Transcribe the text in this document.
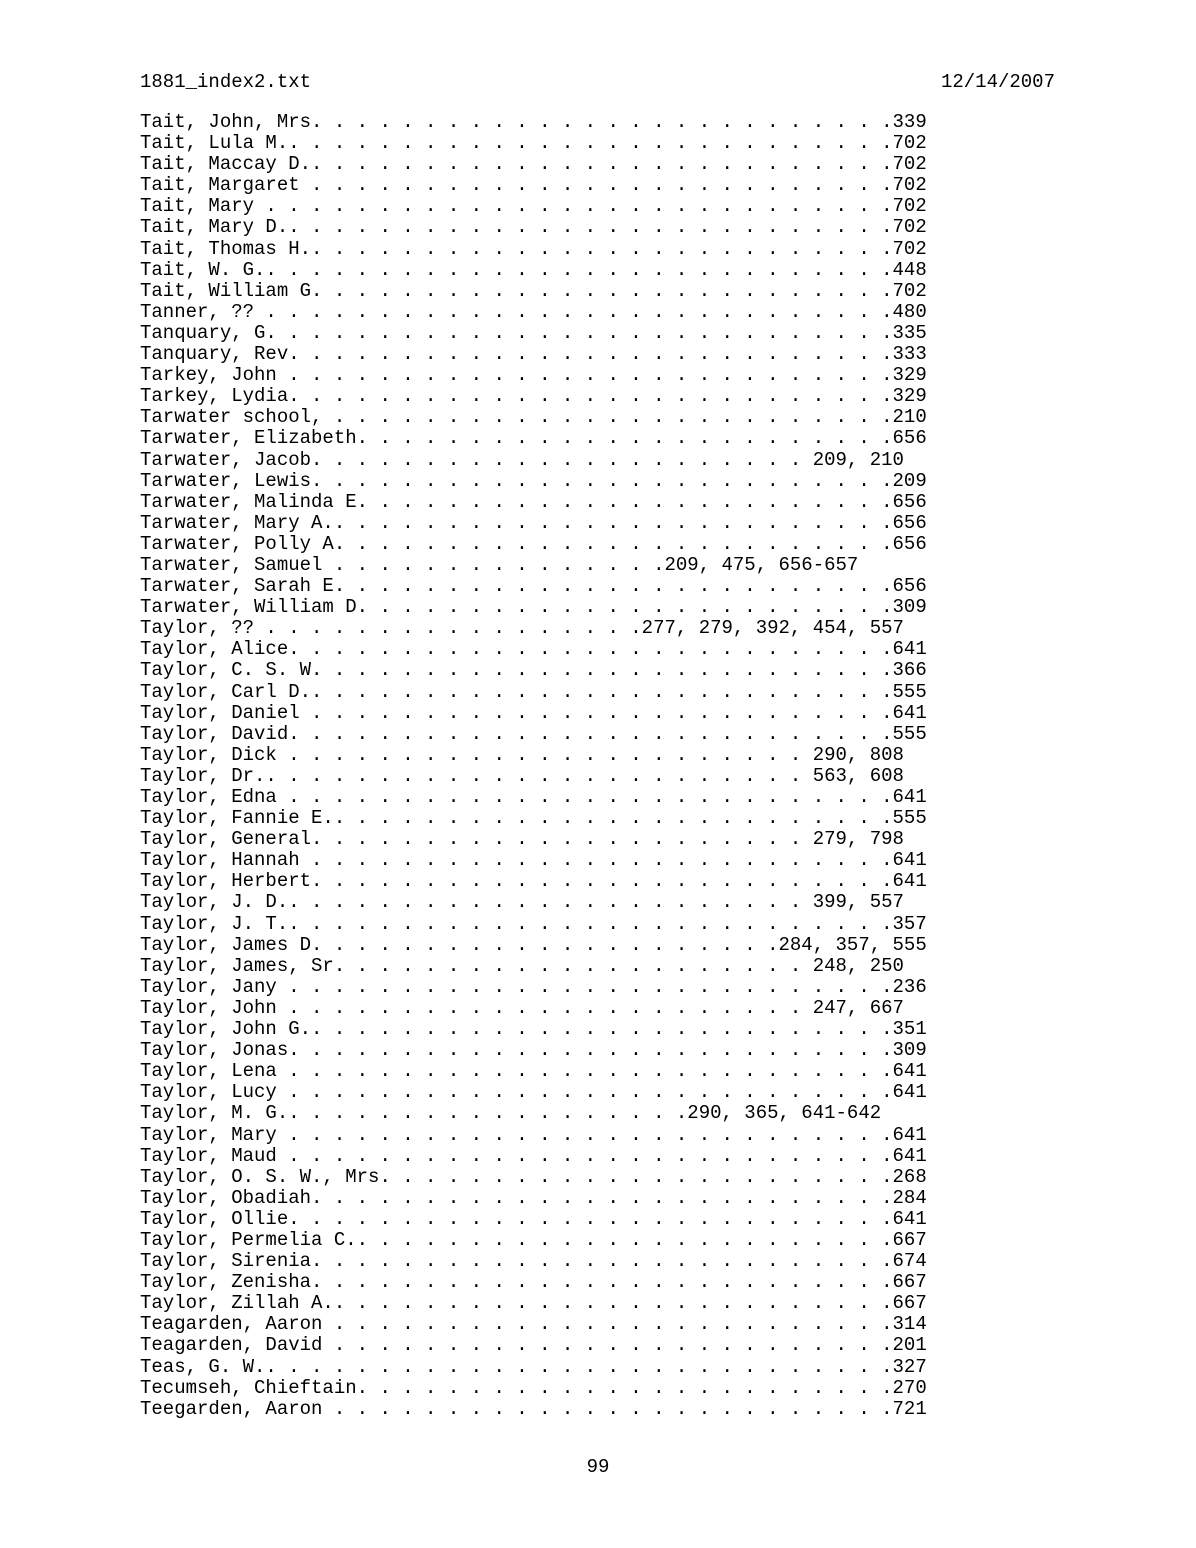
1881_index2.txt	12/14/2007
Tait, John, Mrs. . . . . . . . . . . . . . . . . . . . . . . . . .339
Tait, Lula M.. . . . . . . . . . . . . . . . . . . . . . . . . . .702
Tait, Maccay D.. . . . . . . . . . . . . . . . . . . . . . . . . .702
Tait, Margaret . . . . . . . . . . . . . . . . . . . . . . . . . .702
Tait, Mary . . . . . . . . . . . . . . . . . . . . . . . . . . . .702
Tait, Mary D.. . . . . . . . . . . . . . . . . . . . . . . . . . .702
Tait, Thomas H.. . . . . . . . . . . . . . . . . . . . . . . . . .702
Tait, W. G.. . . . . . . . . . . . . . . . . . . . . . . . . . . .448
Tait, William G. . . . . . . . . . . . . . . . . . . . . . . . . .702
Tanner, ?? . . . . . . . . . . . . . . . . . . . . . . . . . . . .480
Tanquary, G. . . . . . . . . . . . . . . . . . . . . . . . . . . .335
Tanquary, Rev. . . . . . . . . . . . . . . . . . . . . . . . . . .333
Tarkey, John . . . . . . . . . . . . . . . . . . . . . . . . . . .329
Tarkey, Lydia. . . . . . . . . . . . . . . . . . . . . . . . . . .329
Tarwater school, . . . . . . . . . . . . . . . . . . . . . . . . .210
Tarwater, Elizabeth. . . . . . . . . . . . . . . . . . . . . . . .656
Tarwater, Jacob. . . . . . . . . . . . . . . . . . . . . . 209, 210
Tarwater, Lewis. . . . . . . . . . . . . . . . . . . . . . . . . .209
Tarwater, Malinda E. . . . . . . . . . . . . . . . . . . . . . . .656
Tarwater, Mary A.. . . . . . . . . . . . . . . . . . . . . . . . .656
Tarwater, Polly A. . . . . . . . . . . . . . . . . . . . . . . . .656
Tarwater, Samuel . . . . . . . . . . . . . . .209, 475, 656-657
Tarwater, Sarah E. . . . . . . . . . . . . . . . . . . . . . . . .656
Tarwater, William D. . . . . . . . . . . . . . . . . . . . . . . .309
Taylor, ?? . . . . . . . . . . . . . . . . .277, 279, 392, 454, 557
Taylor, Alice. . . . . . . . . . . . . . . . . . . . . . . . . . .641
Taylor, C. S. W. . . . . . . . . . . . . . . . . . . . . . . . . .366
Taylor, Carl D.. . . . . . . . . . . . . . . . . . . . . . . . . .555
Taylor, Daniel . . . . . . . . . . . . . . . . . . . . . . . . . .641
Taylor, David. . . . . . . . . . . . . . . . . . . . . . . . . . .555
Taylor, Dick . . . . . . . . . . . . . . . . . . . . . . . 290, 808
Taylor, Dr.. . . . . . . . . . . . . . . . . . . . . . . . 563, 608
Taylor, Edna . . . . . . . . . . . . . . . . . . . . . . . . . . .641
Taylor, Fannie E.. . . . . . . . . . . . . . . . . . . . . . . . .555
Taylor, General. . . . . . . . . . . . . . . . . . . . . . 279, 798
Taylor, Hannah . . . . . . . . . . . . . . . . . . . . . . . . . .641
Taylor, Herbert. . . . . . . . . . . . . . . . . . . . . . . . . .641
Taylor, J. D.. . . . . . . . . . . . . . . . . . . . . . . 399, 557
Taylor, J. T.. . . . . . . . . . . . . . . . . . . . . . . . . . .357
Taylor, James D. . . . . . . . . . . . . . . . . . . . .284, 357, 555
Taylor, James, Sr. . . . . . . . . . . . . . . . . . . . . 248, 250
Taylor, Jany . . . . . . . . . . . . . . . . . . . . . . . . . . .236
Taylor, John . . . . . . . . . . . . . . . . . . . . . . . 247, 667
Taylor, John G.. . . . . . . . . . . . . . . . . . . . . . . . . .351
Taylor, Jonas. . . . . . . . . . . . . . . . . . . . . . . . . . .309
Taylor, Lena . . . . . . . . . . . . . . . . . . . . . . . . . . .641
Taylor, Lucy . . . . . . . . . . . . . . . . . . . . . . . . . . .641
Taylor, M. G.. . . . . . . . . . . . . . . . . .290, 365, 641-642
Taylor, Mary . . . . . . . . . . . . . . . . . . . . . . . . . . .641
Taylor, Maud . . . . . . . . . . . . . . . . . . . . . . . . . . .641
Taylor, O. S. W., Mrs. . . . . . . . . . . . . . . . . . . . . . .268
Taylor, Obadiah. . . . . . . . . . . . . . . . . . . . . . . . . .284
Taylor, Ollie. . . . . . . . . . . . . . . . . . . . . . . . . . .641
Taylor, Permelia C.. . . . . . . . . . . . . . . . . . . . . . . .667
Taylor, Sirenia. . . . . . . . . . . . . . . . . . . . . . . . . .674
Taylor, Zenisha. . . . . . . . . . . . . . . . . . . . . . . . . .667
Taylor, Zillah A.. . . . . . . . . . . . . . . . . . . . . . . . .667
Teagarden, Aaron . . . . . . . . . . . . . . . . . . . . . . . . .314
Teagarden, David . . . . . . . . . . . . . . . . . . . . . . . . .201
Teas, G. W.. . . . . . . . . . . . . . . . . . . . . . . . . . . .327
Tecumseh, Chieftain. . . . . . . . . . . . . . . . . . . . . . . .270
Teegarden, Aaron . . . . . . . . . . . . . . . . . . . . . . . . .721
99
